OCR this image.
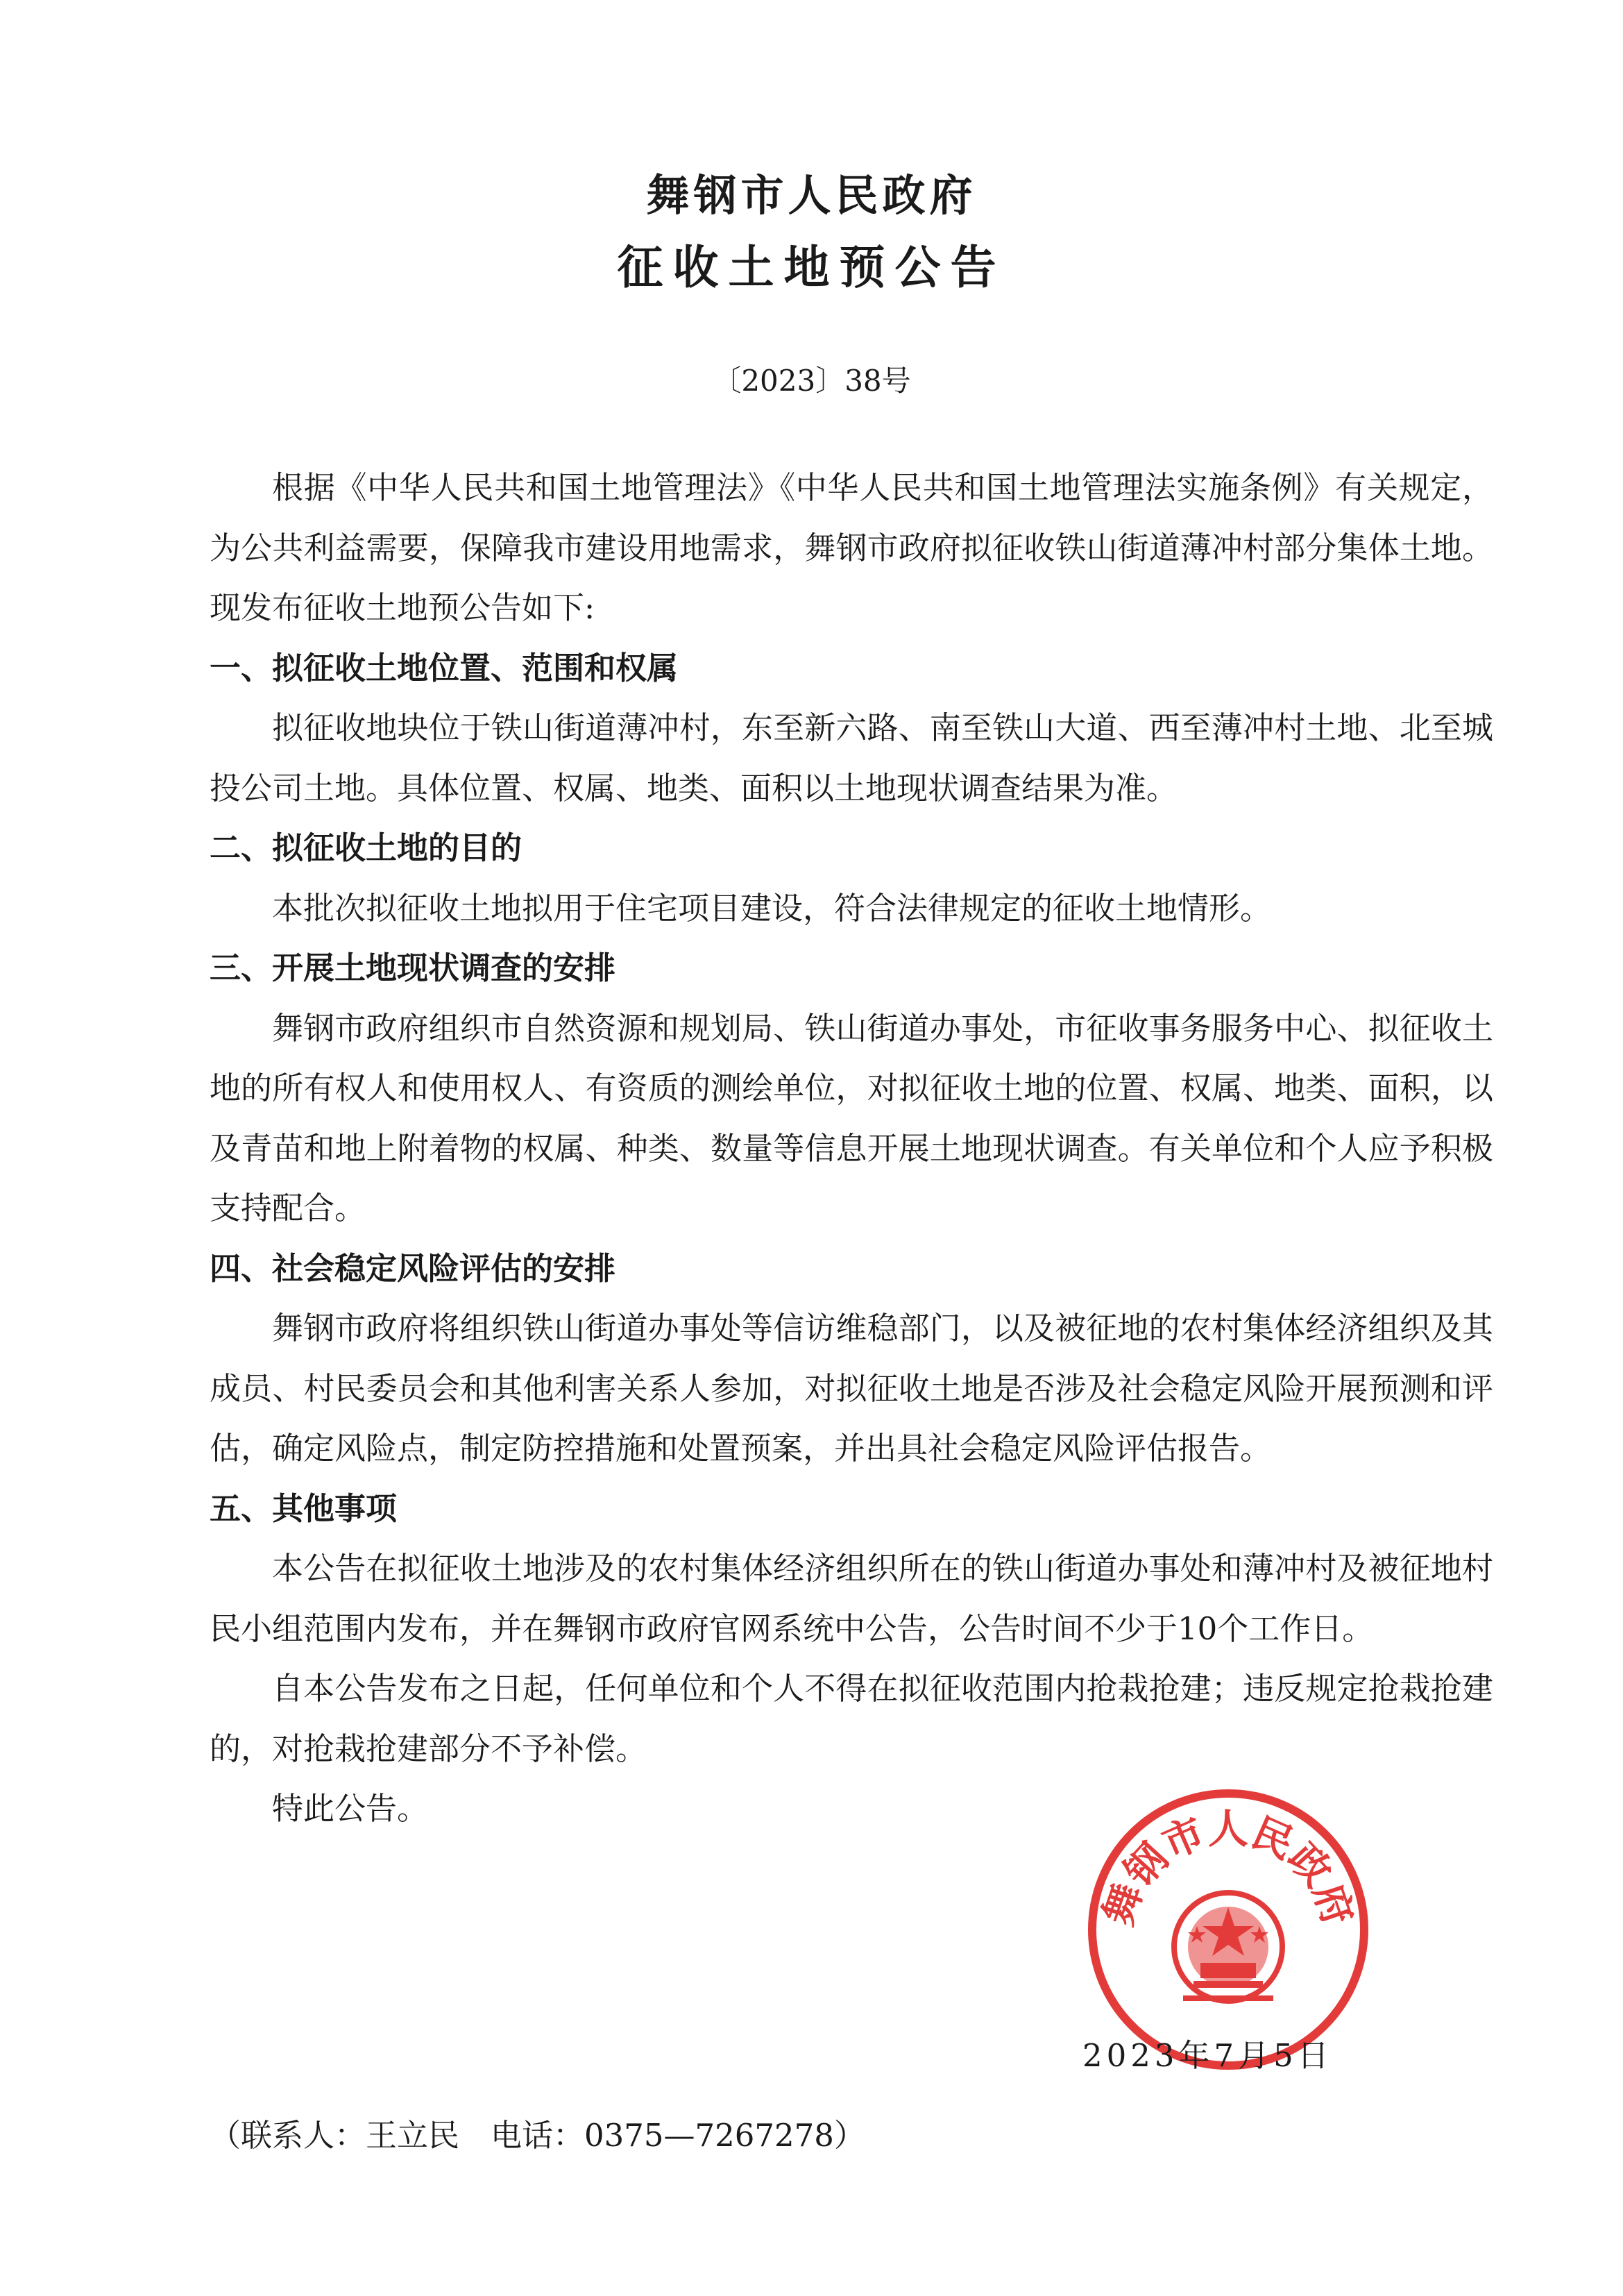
舞钢市人民政府
征收土地预公告
〔2023〕38号

根据《中华人民共和国土地管理法》《中华人民共和国土地管理法实施条例》有关规定，为公共利益需要，保障我市建设用地需求，舞钢市政府拟征收铁山街道薄冲村部分集体土地。现发布征收土地预公告如下:

一、拟征收土地位置、范围和权属

拟征收地块位于铁山街道薄冲村，东至新六路、南至铁山大道、西至薄冲村土地、北至城投公司土地。具体位置、权属、地类、面积以土地现状调查结果为准。

二、拟征收土地的目的

本批次拟征收土地拟用于住宅项目建设，符合法律规定的征收土地情形。

三、开展土地现状调查的安排

舞钢市政府组织市自然资源和规划局、铁山街道办事处，市征收事务服务中心、拟征收土地的所有权人和使用权人、有资质的测绘单位，对拟征收土地的位置、权属、地类、面积，以及青苗和地上附着物的权属、种类、数量等信息开展土地现状调查。有关单位和个人应予积极支持配合。

四、社会稳定风险评估的安排

舞钢市政府将组织铁山街道办事处等信访维稳部门，以及被征地的农村集体经济组织及其成员、村民委员会和其他利害关系人参加，对拟征收土地是否涉及社会稳定风险开展预测和评估，确定风险点，制定防控措施和处置预案，并出具社会稳定风险评估报告。

五、其他事项

本公告在拟征收土地涉及的农村集体经济组织所在的铁山街道办事处和薄冲村及被征地村民小组范围内发布，并在舞钢市政府官网系统中公告，公告时间不少于10个工作日。

自本公告发布之日起，任何单位和个人不得在拟征收范围内抢栽抢建；违反规定抢栽抢建的，对抢栽抢建部分不予补偿。

特此公告。

舞钢市人民政府
2023年7月5日
（联系人：王立民　电话：0375—7267278）
